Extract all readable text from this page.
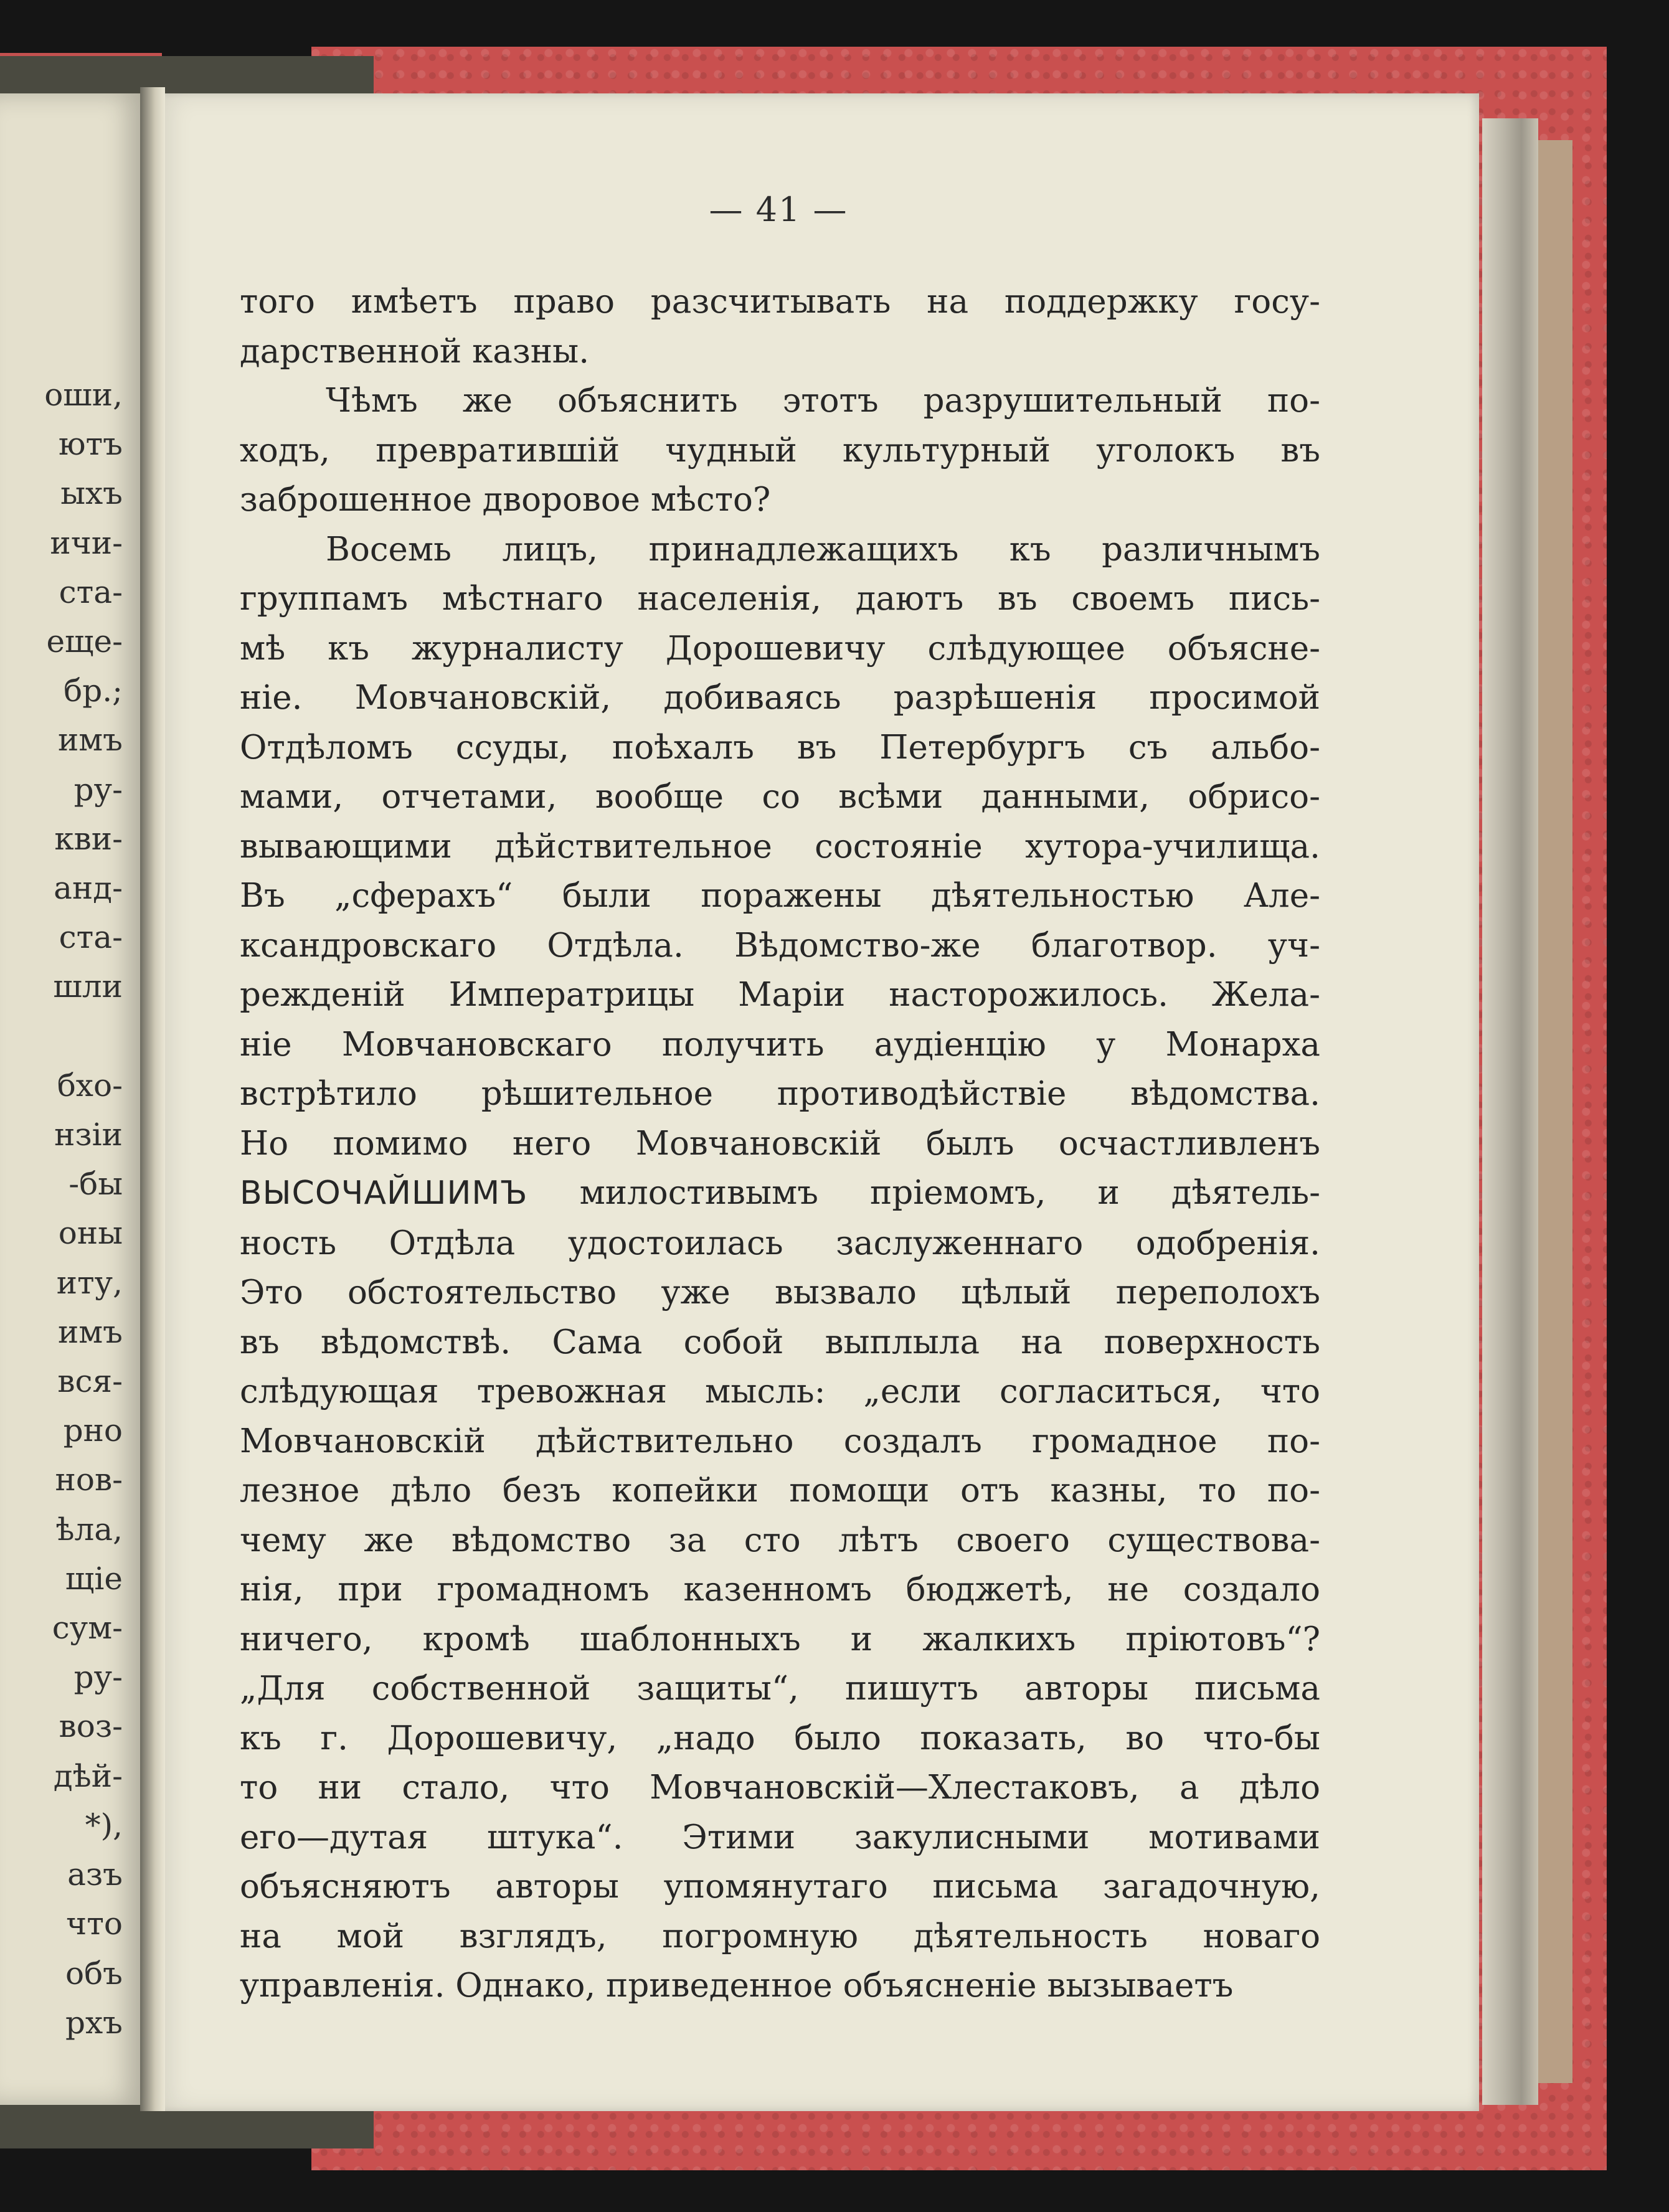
оши,
ютъ
ыхъ
ичи-
ста-
еще-
бр.;
имъ
ру-
кви-
анд-
ста-
шли

бхо-
нзіи
-бы
оны
иту,
имъ
вся-
рно
нов-
ѣла,
щіе
сум-
ру-
воз-
дѣй-
*),
азъ
что
объ
рхъ
— 41 —
того имѣетъ право разсчитывать на поддержку госу-
дарственной казны.
Чѣмъ же объяснить этотъ разрушительный по-
ходъ, превратившій чудный культурный уголокъ въ
заброшенное дворовое мѣсто?
Восемь лицъ, принадлежащихъ къ различнымъ
группамъ мѣстнаго населенія, даютъ въ своемъ пись-
мѣ къ журналисту Дорошевичу слѣдующее объясне-
ніе. Мовчановскій, добиваясь разрѣшенія просимой
Отдѣломъ ссуды, поѣхалъ въ Петербургъ съ альбо-
мами, отчетами, вообще со всѣми данными, обрисо-
вывающими дѣйствительное состояніе хутора-училища.
Въ „сферахъ“ были поражены дѣятельностью Але-
ксандровскаго Отдѣла. Вѣдомство-же благотвор. уч-
режденій Императрицы Маріи насторожилось. Жела-
ніе Мовчановскаго получить аудіенцію у Монарха
встрѣтило рѣшительное противодѣйствіе вѣдомства.
Но помимо него Мовчановскій былъ осчастливленъ
ВЫСОЧАЙШИМЪ милостивымъ пріемомъ, и дѣятель-
ность Отдѣла удостоилась заслуженнаго одобренія.
Это обстоятельство уже вызвало цѣлый переполохъ
въ вѣдомствѣ. Сама собой выплыла на поверхность
слѣдующая тревожная мысль: „если согласиться, что
Мовчановскій дѣйствительно создалъ громадное по-
лезное дѣло безъ копейки помощи отъ казны, то по-
чему же вѣдомство за сто лѣтъ своего существова-
нія, при громадномъ казенномъ бюджетѣ, не создало
ничего, кромѣ шаблонныхъ и жалкихъ пріютовъ“?
„Для собственной защиты“, пишутъ авторы письма
къ г. Дорошевичу, „надо было показать, во что-бы
то ни стало, что Мовчановскій—Хлестаковъ, а дѣло
его—дутая штука“. Этими закулисными мотивами
объясняютъ авторы упомянутаго письма загадочную,
на мой взглядъ, погромную дѣятельность новаго
управленія. Однако, приведенное объясненіе вызываетъ
